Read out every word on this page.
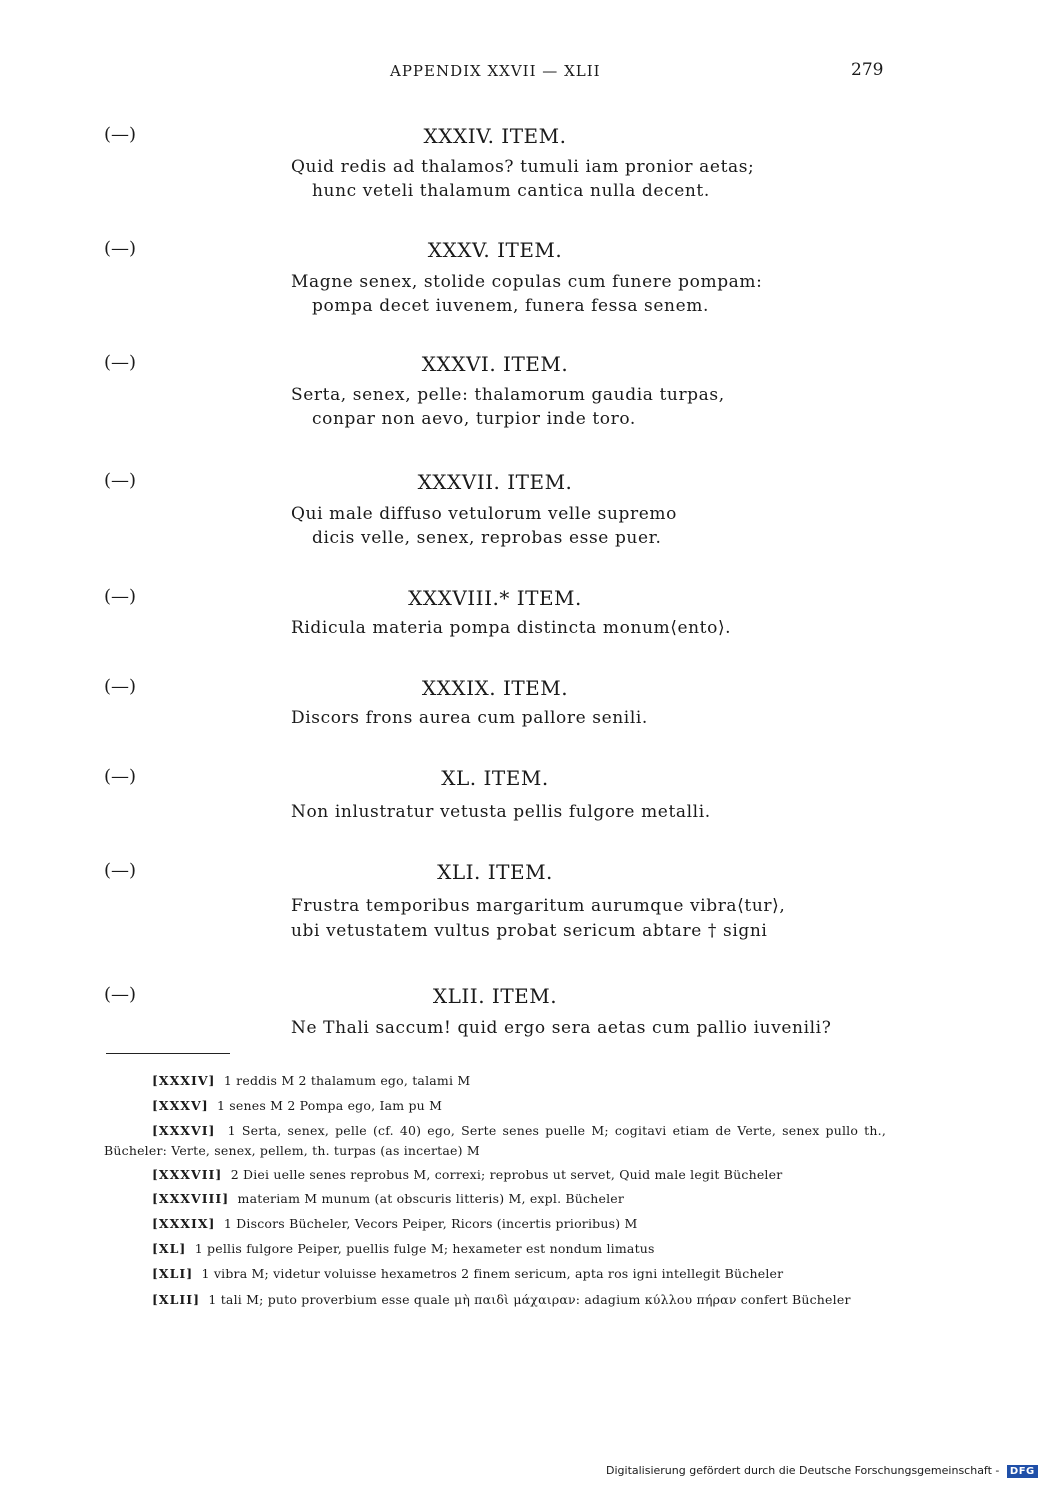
APPENDIX XXVII — XLII	279
(—)	XXXIV. ITEM.
Quid redis ad thalamos? tumuli iam pronior aetas;
hunc veteli thalamum cantica nulla decent.
(—)	XXXV. ITEM.
Magne senex, stolide copulas cum funere pompam:
pompa decet iuvenem, funera fessa senem.
(—)	XXXVI. ITEM.
Serta, senex, pelle: thalamorum gaudia turpas,
conpar non aevo, turpior inde toro.
(—)	XXXVII. ITEM.
Qui male diffuso vetulorum velle supremo
dicis velle, senex, reprobas esse puer.
(—)	XXXVIII.* ITEM.
Ridicula materia pompa distincta monum⟨ento⟩.
(—)	XXXIX. ITEM.
Discors frons aurea cum pallore senili.
(—)	XL. ITEM.
Non inlustratur vetusta pellis fulgore metalli.
(—)	XLI. ITEM.
Frustra temporibus margaritum aurumque vibra⟨tur⟩,
ubi vetustatem vultus probat sericum abtare † signi
(—)	XLII. ITEM.
Ne Thali saccum! quid ergo sera aetas cum pallio iuvenili?
[XXXIV] 1 reddis M 2 thalamum ego, talami M
[XXXV] 1 senes M 2 Pompa ego, Iam pu M
[XXXVI] 1 Serta, senex, pelle (cf. 40) ego, Serte senes puelle M; cogitavi etiam de Verte, senex pullo th., Bücheler: Verte, senex, pellem, th. turpas (as incertae) M
[XXXVII] 2 Diei uelle senes reprobus M, correxi; reprobus ut servet, Quid male legit Bücheler
[XXXVIII] materiam M munum (at obscuris litteris) M, expl. Bücheler
[XXXIX] 1 Discors Bücheler, Vecors Peiper, Ricors (incertis prioribus) M
[XL] 1 pellis fulgore Peiper, puellis fulge M; hexameter est nondum limatus
[XLI] 1 vibra M; videtur voluisse hexametros 2 finem sericum, apta ros igni intellegit Bücheler
[XLII] 1 tali M; puto proverbium esse quale μὴ παιδὶ μάχαιραν: adagium κύλλου πήραν confert Bücheler
Digitalisierung gefördert durch die Deutsche Forschungsgemeinschaft - DFG
